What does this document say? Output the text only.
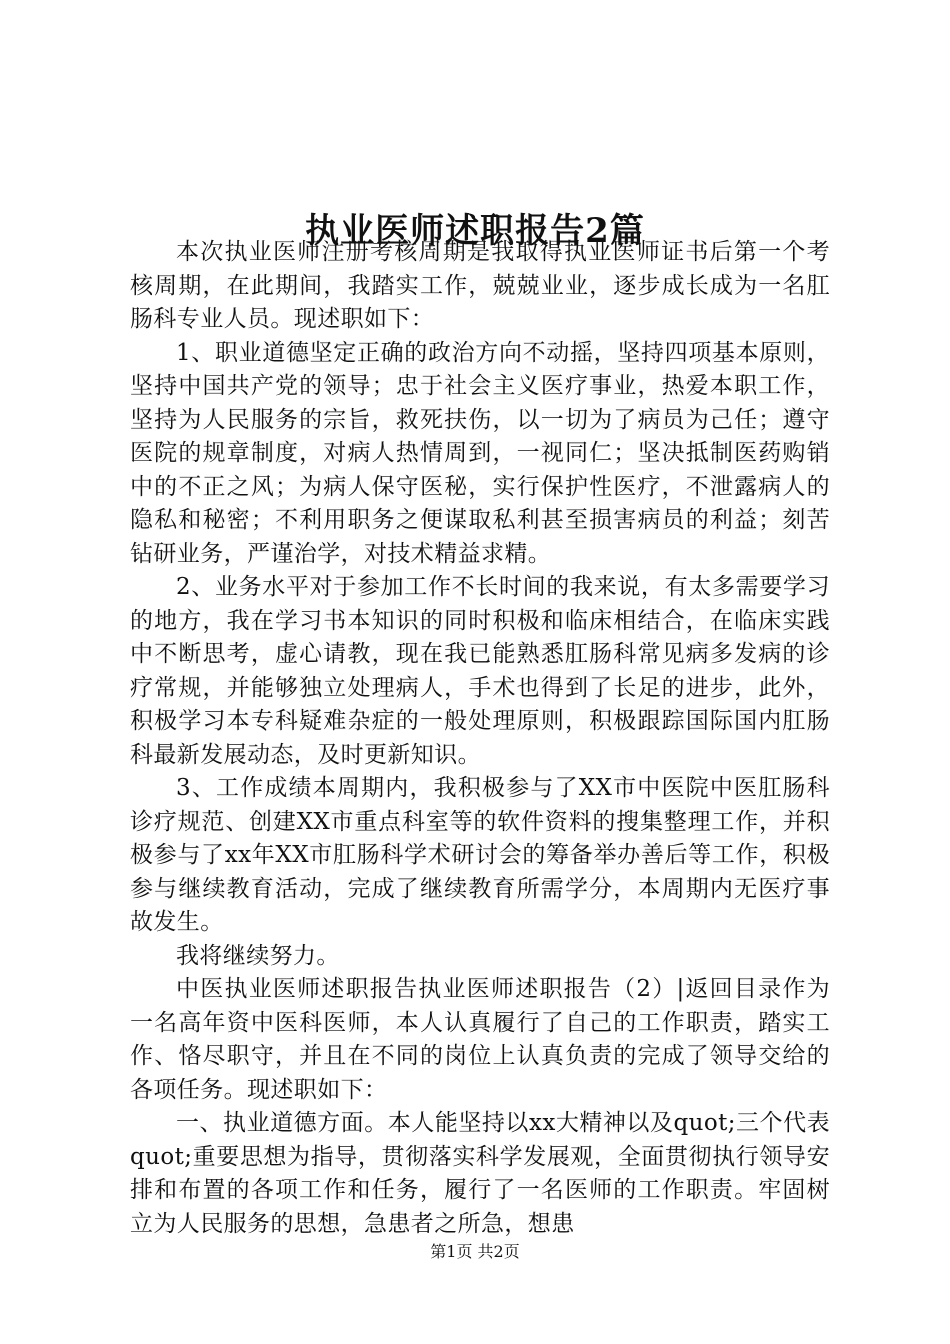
执业医师述职报告2篇

本次执业医师注册考核周期是我取得执业医师证书后第一个考核周期，在此期间，我踏实工作，兢兢业业，逐步成长成为一名肛肠科专业人员。现述职如下：

1、职业道德坚定正确的政治方向不动摇，坚持四项基本原则，坚持中国共产党的领导；忠于社会主义医疗事业，热爱本职工作，坚持为人民服务的宗旨，救死扶伤，以一切为了病员为己任；遵守医院的规章制度，对病人热情周到，一视同仁；坚决抵制医药购销中的不正之风；为病人保守医秘，实行保护性医疗，不泄露病人的隐私和秘密；不利用职务之便谋取私利甚至损害病员的利益；刻苦钻研业务，严谨治学，对技术精益求精。

2、业务水平对于参加工作不长时间的我来说，有太多需要学习的地方，我在学习书本知识的同时积极和临床相结合，在临床实践中不断思考，虚心请教，现在我已能熟悉肛肠科常见病多发病的诊疗常规，并能够独立处理病人，手术也得到了长足的进步，此外，积极学习本专科疑难杂症的一般处理原则，积极跟踪国际国内肛肠科最新发展动态，及时更新知识。

3、工作成绩本周期内，我积极参与了XX市中医院中医肛肠科诊疗规范、创建XX市重点科室等的软件资料的搜集整理工作，并积极参与了xx年XX市肛肠科学术研讨会的筹备举办善后等工作，积极参与继续教育活动，完成了继续教育所需学分，本周期内无医疗事故发生。

我将继续努力。

中医执业医师述职报告执业医师述职报告（2）|返回目录作为一名高年资中医科医师，本人认真履行了自己的工作职责，踏实工作、恪尽职守，并且在不同的岗位上认真负责的完成了领导交给的各项任务。现述职如下：

一、执业道德方面。本人能坚持以xx大精神以及quot;三个代表quot;重要思想为指导，贯彻落实科学发展观，全面贯彻执行领导安排和布置的各项工作和任务，履行了一名医师的工作职责。牢固树立为人民服务的思想，急患者之所急，想患

第1页 共2页
